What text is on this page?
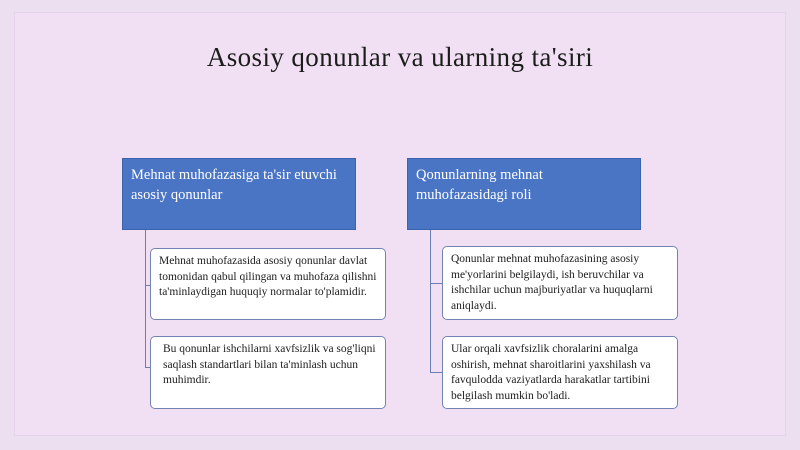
Asosiy qonunlar va ularning ta'siri
Mehnat muhofazasiga ta'sir etuvchi asosiy qonunlar
Mehnat muhofazasida asosiy qonunlar davlat tomonidan qabul qilingan va muhofaza qilishni ta'minlaydigan huquqiy normalar to'plamidir.
Bu qonunlar ishchilarni xavfsizlik va sog'liqni saqlash standartlari bilan ta'minlash uchun muhimdir.
Qonunlarning mehnat muhofazasidagi roli
Qonunlar mehnat muhofazasining asosiy me'yorlarini belgilaydi, ish beruvchilar va ishchilar uchun majburiyatlar va huquqlarni aniqlaydi.
Ular orqali xavfsizlik choralarini amalga oshirish, mehnat sharoitlarini yaxshilash va favqulodda vaziyatlarda harakatlar tartibini belgilash mumkin bo'ladi.
